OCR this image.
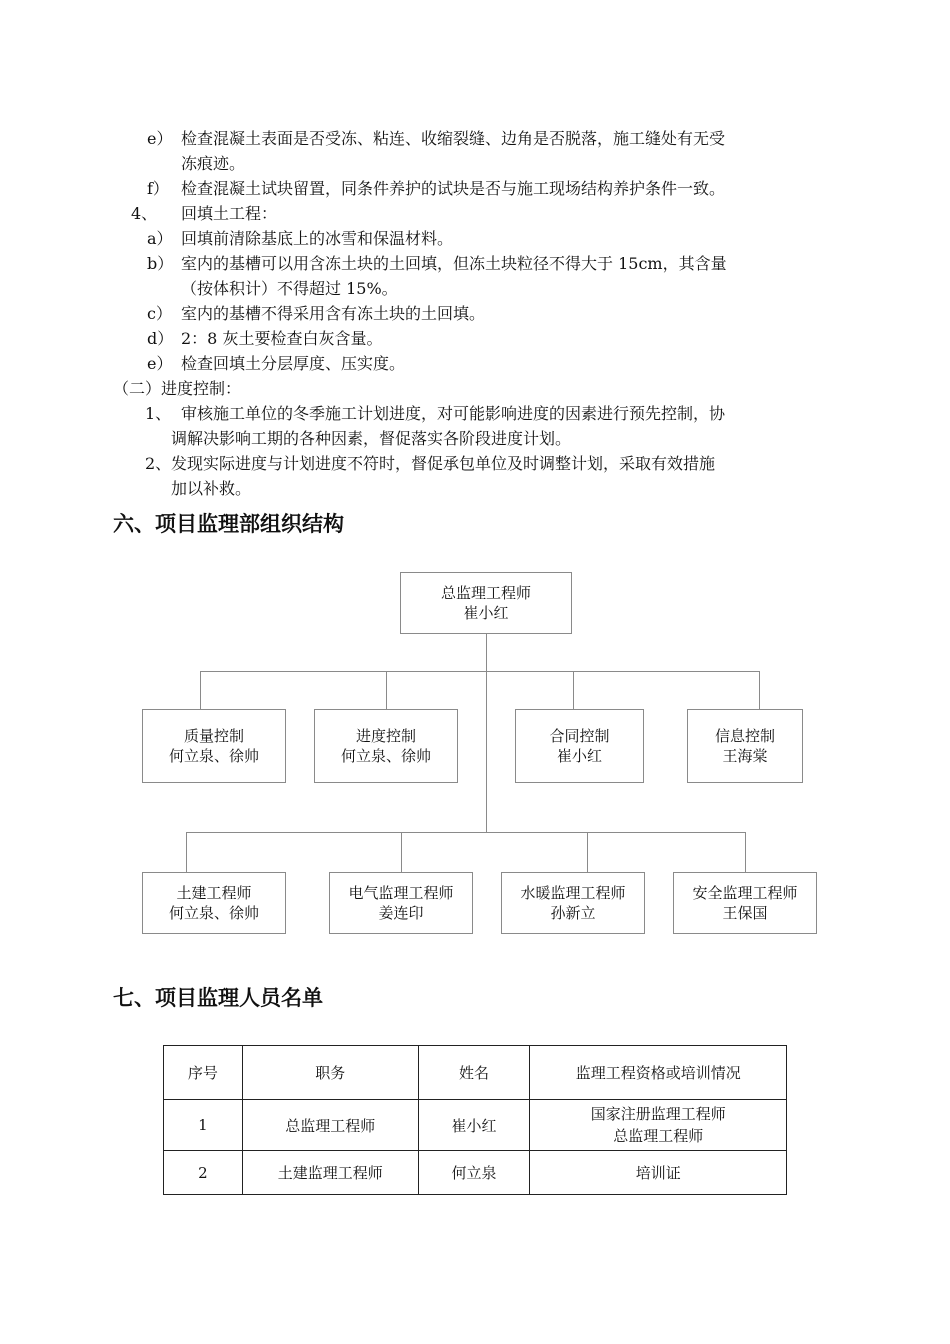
e） 检查混凝土表面是否受冻、粘连、收缩裂缝、边角是否脱落，施工缝处有无受
冻痕迹。
f） 检查混凝土试块留置，同条件养护的试块是否与施工现场结构养护条件一致。
4、 回填土工程：
a） 回填前清除基底上的冰雪和保温材料。
b） 室内的基槽可以用含冻土块的土回填，但冻土块粒径不得大于 15cm，其含量
（按体积计）不得超过 15%。
c） 室内的基槽不得采用含有冻土块的土回填。
d） 2：8 灰土要检查白灰含量。
e） 检查回填土分层厚度、压实度。
（二）进度控制：
1、 审核施工单位的冬季施工计划进度，对可能影响进度的因素进行预先控制，协
调解决影响工期的各种因素，督促落实各阶段进度计划。
2、 发现实际进度与计划进度不符时，督促承包单位及时调整计划，采取有效措施
加以补救。
六、项目监理部组织结构
总监理工程师
崔小红
质量控制
何立泉、徐帅
进度控制
何立泉、徐帅
合同控制
崔小红
信息控制
王海棠
土建工程师
何立泉、徐帅
电气监理工程师
姜连印
水暖监理工程师
孙新立
安全监理工程师
王保国
七、项目监理人员名单
序号	职务	姓名	监理工程资格或培训情况
1	总监理工程师	崔小红	国家注册监理工程师
总监理工程师

2	土建监理工程师	何立泉	培训证
